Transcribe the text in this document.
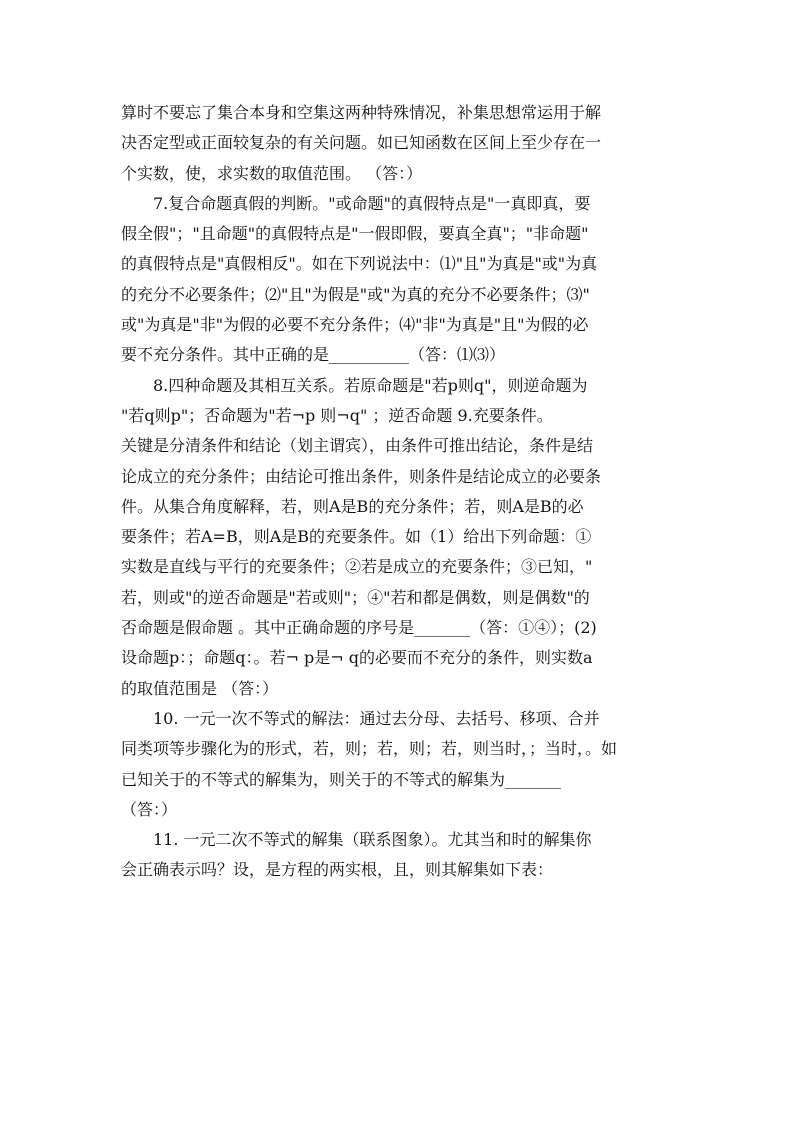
算时不要忘了集合本身和空集这两种特殊情况，补集思想常运用于解
决否定型或正面较复杂的有关问题。如已知函数在区间上至少存在一
个实数，使，求实数的取值范围。 （答：）
7.复合命题真假的判断。"或命题"的真假特点是"一真即真，要
假全假"；"且命题"的真假特点是"一假即假，要真全真"；"非命题"
的真假特点是"真假相反"。如在下列说法中：⑴"且"为真是"或"为真
的充分不必要条件；⑵"且"为假是"或"为真的充分不必要条件；⑶"
或"为真是"非"为假的必要不充分条件；⑷"非"为真是"且"为假的必
要不充分条件。其中正确的是__________（答：⑴⑶）
8.四种命题及其相互关系。若原命题是"若p则q"，则逆命题为
"若q则p"；否命题为"若¬p 则¬q" ；逆否命题 9.充要条件。
关键是分清条件和结论（划主谓宾），由条件可推出结论，条件是结
论成立的充分条件；由结论可推出条件，则条件是结论成立的必要条
件。从集合角度解释，若，则A是B的充分条件；若，则A是B的必
要条件；若A=B，则A是B的充要条件。如（1）给出下列命题：①
实数是直线与平行的充要条件；②若是成立的充要条件；③已知，"
若，则或"的逆否命题是"若或则"；④"若和都是偶数，则是偶数"的
否命题是假命题 。其中正确命题的序号是_______（答：①④）；(2)
设命题p：；命题q：。若¬ p是¬ q的必要而不充分的条件，则实数a
的取值范围是 （答：）
10. 一元一次不等式的解法：通过去分母、去括号、移项、合并
同类项等步骤化为的形式，若，则；若，则；若，则当时，；当时，。如
已知关于的不等式的解集为，则关于的不等式的解集为_______
（答：）
11. 一元二次不等式的解集（联系图象）。尤其当和时的解集你
会正确表示吗？设，是方程的两实根，且，则其解集如下表：
